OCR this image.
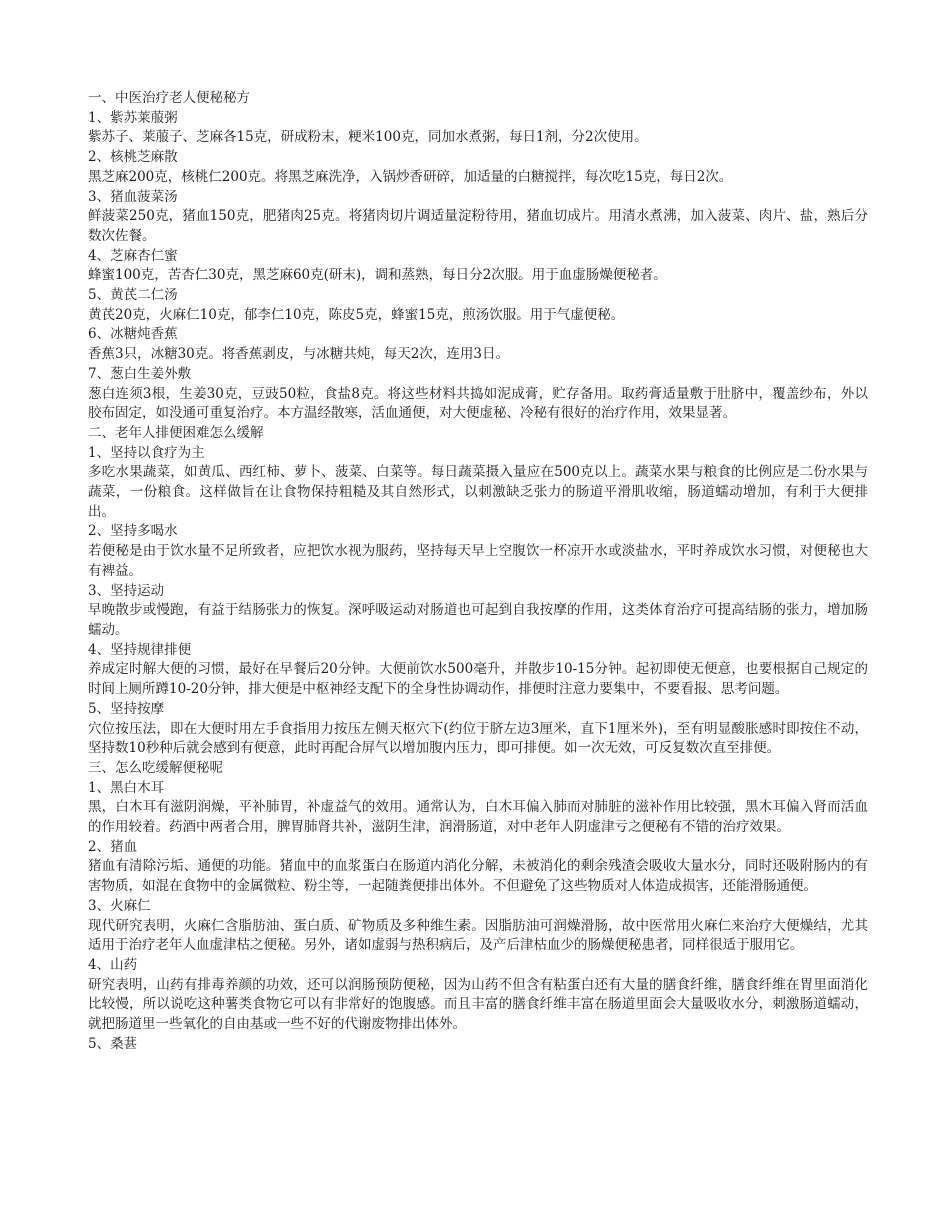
一、中医治疗老人便秘秘方

1、紫苏莱菔粥

紫苏子、莱菔子、芝麻各15克，研成粉末，粳米100克，同加水煮粥，每日1剂，分2次使用。

2、核桃芝麻散

黑芝麻200克，核桃仁200克。将黑芝麻洗净，入锅炒香研碎，加适量的白糖搅拌，每次吃15克，每日2次。

3、猪血菠菜汤

鲜菠菜250克，猪血150克，肥猪肉25克。将猪肉切片调适量淀粉待用，猪血切成片。用清水煮沸，加入菠菜、肉片、盐，熟后分数次佐餐。

4、芝麻杏仁蜜

蜂蜜100克，苦杏仁30克，黑芝麻60克(研末)，调和蒸熟，每日分2次服。用于血虚肠燥便秘者。

5、黄芪二仁汤

黄芪20克，火麻仁10克，郁李仁10克，陈皮5克，蜂蜜15克，煎汤饮服。用于气虚便秘。

6、冰糖炖香蕉

香蕉3只，冰糖30克。将香蕉剥皮，与冰糖共炖，每天2次，连用3日。

7、葱白生姜外敷

葱白连须3根，生姜30克，豆豉50粒，食盐8克。将这些材料共捣如泥成膏，贮存备用。取药膏适量敷于肚脐中，覆盖纱布，外以胶布固定，如没通可重复治疗。本方温经散寒，活血通便，对大便虚秘、冷秘有很好的治疗作用，效果显著。

二、老年人排便困难怎么缓解

1、坚持以食疗为主

多吃水果蔬菜，如黄瓜、西红柿、萝卜、菠菜、白菜等。每日蔬菜摄入量应在500克以上。蔬菜水果与粮食的比例应是二份水果与蔬菜，一份粮食。这样做旨在让食物保持粗糙及其自然形式，以刺激缺乏张力的肠道平滑肌收缩，肠道蠕动增加，有利于大便排出。

2、坚持多喝水

若便秘是由于饮水量不足所致者，应把饮水视为服药，坚持每天早上空腹饮一杯凉开水或淡盐水，平时养成饮水习惯，对便秘也大有裨益。

3、坚持运动

早晚散步或慢跑，有益于结肠张力的恢复。深呼吸运动对肠道也可起到自我按摩的作用，这类体育治疗可提高结肠的张力，增加肠蠕动。

4、坚持规律排便

养成定时解大便的习惯，最好在早餐后20分钟。大便前饮水500毫升，并散步10-15分钟。起初即使无便意，也要根据自己规定的时间上厕所蹲10-20分钟，排大便是中枢神经支配下的全身性协调动作，排便时注意力要集中，不要看报、思考问题。

5、坚持按摩

穴位按压法，即在大便时用左手食指用力按压左侧天枢穴下(约位于脐左边3厘米，直下1厘米外)，至有明显酸胀感时即按住不动，坚持数10秒种后就会感到有便意，此时再配合屏气以增加腹内压力，即可排便。如一次无效，可反复数次直至排便。

三、怎么吃缓解便秘呢

1、黑白木耳

黑，白木耳有滋阴润燥，平补肺胃，补虚益气的效用。通常认为，白木耳偏入肺而对肺脏的滋补作用比较强，黑木耳偏入肾而活血的作用较着。药酒中两者合用，脾胃肺肾共补，滋阴生津，润滑肠道，对中老年人阴虚津亏之便秘有不错的治疗效果。

2、猪血

猪血有清除污垢、通便的功能。猪血中的血浆蛋白在肠道内消化分解，未被消化的剩余残渣会吸收大量水分，同时还吸附肠内的有害物质，如混在食物中的金属微粒、粉尘等，一起随粪便排出体外。不但避免了这些物质对人体造成损害，还能滑肠通便。

3、火麻仁

现代研究表明，火麻仁含脂肪油、蛋白质、矿物质及多种维生素。因脂肪油可润燥滑肠，故中医常用火麻仁来治疗大便燥结，尤其适用于治疗老年人血虚津枯之便秘。另外，诸如虚弱与热积病后，及产后津枯血少的肠燥便秘患者，同样很适于服用它。

4、山药

研究表明，山药有排毒养颜的功效，还可以润肠预防便秘，因为山药不但含有粘蛋白还有大量的膳食纤维，膳食纤维在胃里面消化比较慢，所以说吃这种薯类食物它可以有非常好的饱腹感。而且丰富的膳食纤维丰富在肠道里面会大量吸收水分，刺激肠道蠕动，就把肠道里一些氧化的自由基或一些不好的代谢废物排出体外。

5、桑葚
